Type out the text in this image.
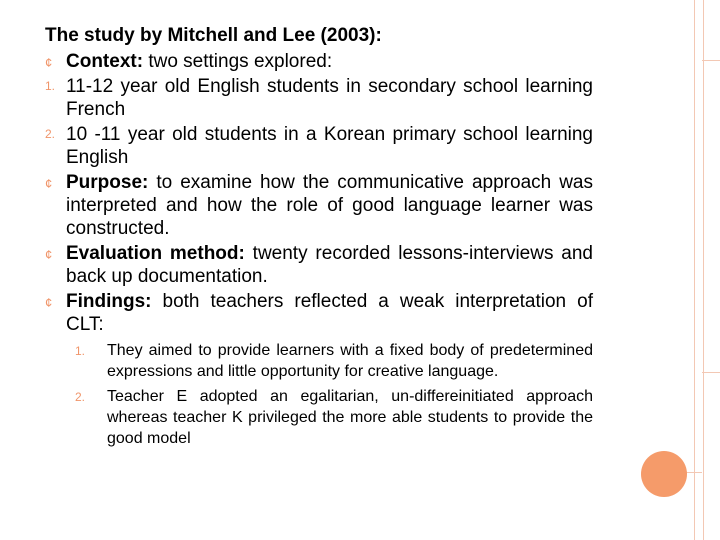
The study by Mitchell and Lee (2003):
¢ Context: two settings explored:
1. 11-12 year old English students in secondary school learning French
2. 10 -11 year old students in a Korean primary school learning English
¢ Purpose: to examine how the communicative approach was interpreted and how the role of good language learner was constructed.
¢ Evaluation method: twenty recorded lessons-interviews and back up documentation.
¢ Findings: both teachers reflected a weak interpretation of CLT:
1. They aimed to provide learners with a fixed body of predetermined expressions and little opportunity for creative language.
2. Teacher E adopted an egalitarian, un-differeinitiated approach whereas teacher K privileged the more able students to provide the good model
